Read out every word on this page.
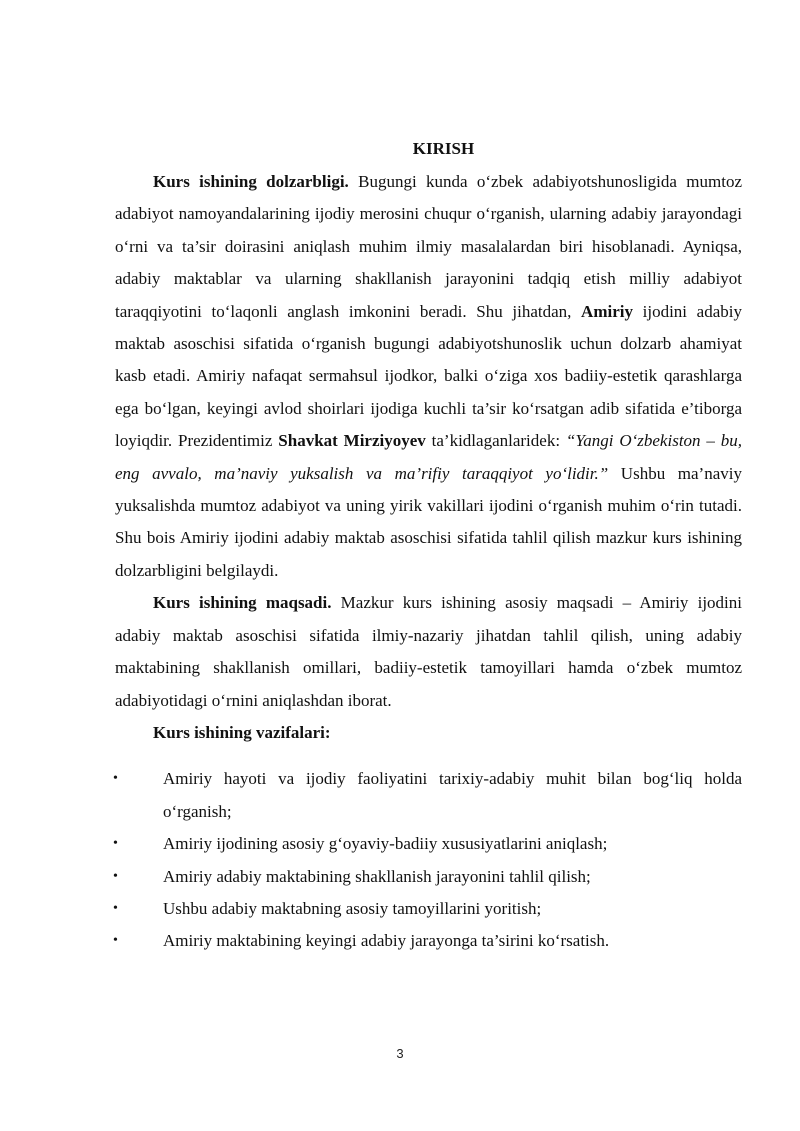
KIRISH

Kurs ishining dolzarbligi. Bugungi kunda o‘zbek adabiyotshunosligida mumtoz adabiyot namoyandalarining ijodiy merosini chuqur o‘rganish, ularning adabiy jarayondagi o‘rni va ta’sir doirasini aniqlash muhim ilmiy masalalardan biri hisoblanadi. Ayniqsa, adabiy maktablar va ularning shakllanish jarayonini tadqiq etish milliy adabiyot taraqqiyotini to‘laqonli anglash imkonini beradi. Shu jihatdan, Amiriy ijodini adabiy maktab asoschisi sifatida o‘rganish bugungi adabiyotshunoslik uchun dolzarb ahamiyat kasb etadi. Amiriy nafaqat sermahsul ijodkor, balki o‘ziga xos badiiy-estetik qarashlarga ega bo‘lgan, keyingi avlod shoirlari ijodiga kuchli ta’sir ko‘rsatgan adib sifatida e’tiborga loyiqdir. Prezidentimiz Shavkat Mirziyoyev ta’kidlaganlaridek: “Yangi O‘zbekiston – bu, eng avvalo, ma’naviy yuksalish va ma’rifiy taraqqiyot yo‘lidir.” Ushbu ma’naviy yuksalishda mumtoz adabiyot va uning yirik vakillari ijodini o‘rganish muhim o‘rin tutadi. Shu bois Amiriy ijodini adabiy maktab asoschisi sifatida tahlil qilish mazkur kurs ishining dolzarbligini belgilaydi.

Kurs ishining maqsadi. Mazkur kurs ishining asosiy maqsadi – Amiriy ijodini adabiy maktab asoschisi sifatida ilmiy-nazariy jihatdan tahlil qilish, uning adabiy maktabining shakllanish omillari, badiiy-estetik tamoyillari hamda o‘zbek mumtoz adabiyotidagi o‘rnini aniqlashdan iborat.

Kurs ishining vazifalari:

•	Amiriy hayoti va ijodiy faoliyatini tarixiy-adabiy muhit bilan bog‘liq holda o‘rganish;
•	Amiriy ijodining asosiy g‘oyaviy-badiiy xususiyatlarini aniqlash;
•	Amiriy adabiy maktabining shakllanish jarayonini tahlil qilish;
•	Ushbu adabiy maktabning asosiy tamoyillarini yoritish;
•	Amiriy maktabining keyingi adabiy jarayonga ta’sirini ko‘rsatish.
3
